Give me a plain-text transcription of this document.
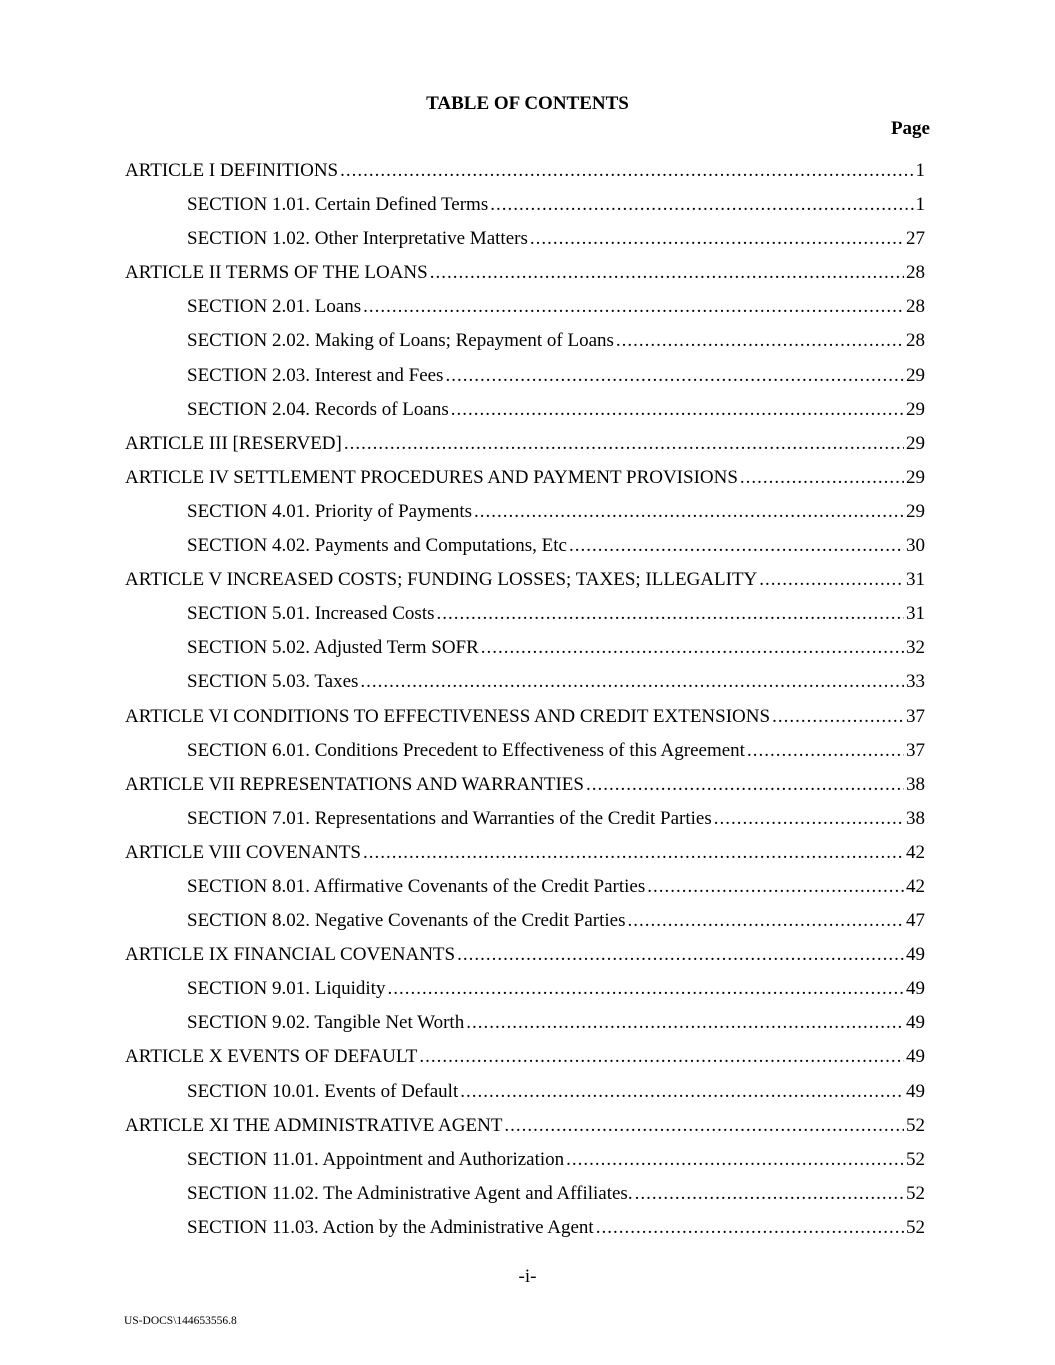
TABLE OF CONTENTS
Page
ARTICLE I DEFINITIONS .....	1
SECTION 1.01. Certain Defined Terms .....	1
SECTION 1.02. Other Interpretative Matters .....	27
ARTICLE II TERMS OF THE LOANS .....	28
SECTION 2.01. Loans .....	28
SECTION 2.02. Making of Loans; Repayment of Loans .....	28
SECTION 2.03. Interest and Fees .....	29
SECTION 2.04. Records of Loans .....	29
ARTICLE III [RESERVED] .....	29
ARTICLE IV SETTLEMENT PROCEDURES AND PAYMENT PROVISIONS .....	29
SECTION 4.01. Priority of Payments .....	29
SECTION 4.02. Payments and Computations, Etc .....	30
ARTICLE V INCREASED COSTS; FUNDING LOSSES; TAXES; ILLEGALITY .....	31
SECTION 5.01. Increased Costs .....	31
SECTION 5.02. Adjusted Term SOFR .....	32
SECTION 5.03. Taxes .....	33
ARTICLE VI CONDITIONS TO EFFECTIVENESS AND CREDIT EXTENSIONS .....	37
SECTION 6.01. Conditions Precedent to Effectiveness of this Agreement .....	37
ARTICLE VII REPRESENTATIONS AND WARRANTIES .....	38
SECTION 7.01. Representations and Warranties of the Credit Parties .....	38
ARTICLE VIII COVENANTS .....	42
SECTION 8.01. Affirmative Covenants of the Credit Parties .....	42
SECTION 8.02. Negative Covenants of the Credit Parties .....	47
ARTICLE IX FINANCIAL COVENANTS .....	49
SECTION 9.01. Liquidity .....	49
SECTION 9.02. Tangible Net Worth .....	49
ARTICLE X EVENTS OF DEFAULT .....	49
SECTION 10.01. Events of Default .....	49
ARTICLE XI THE ADMINISTRATIVE AGENT .....	52
SECTION 11.01. Appointment and Authorization .....	52
SECTION 11.02. The Administrative Agent and Affiliates. .....	52
SECTION 11.03. Action by the Administrative Agent .....	52
-i-
US-DOCS\144653556.8
